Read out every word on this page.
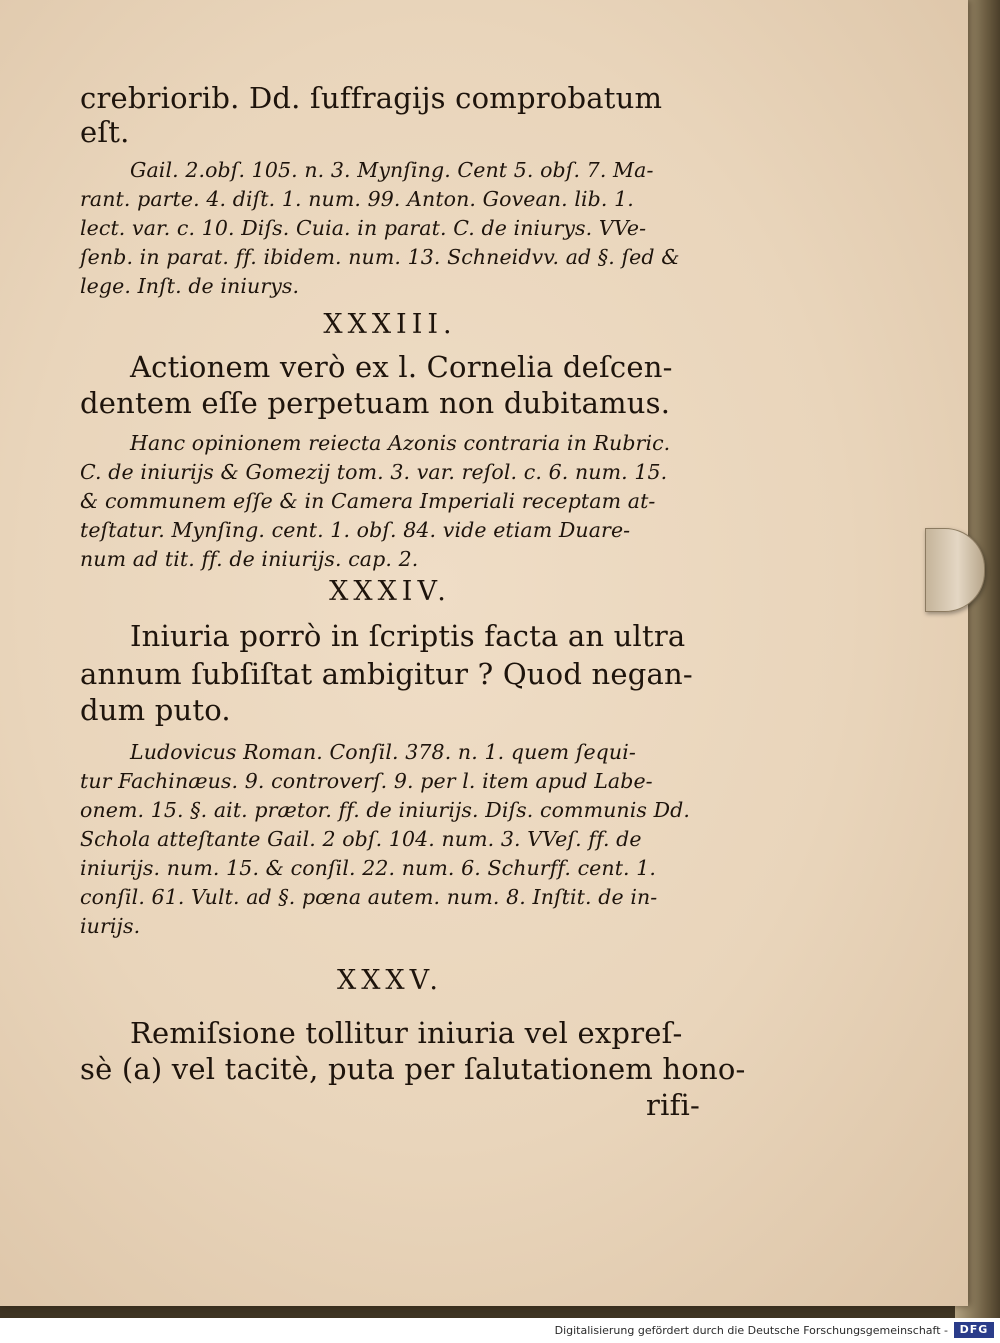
crebriorib. Dd. ſuffragijs comprobatum
eſt.
Gail. 2.obſ. 105. n. 3. Mynſing. Cent 5. obſ. 7. Ma-
rant. parte. 4. diſt. 1. num. 99. Anton. Govean. lib. 1.
lect. var. c. 10. Diſs. Cuia. in parat. C. de iniurys. VVe-
ſenb. in parat. ff. ibidem. num. 13. Schneidvv. ad §. ſed &
lege. Inſt. de iniurys.
XXXIII.
Actionem verò ex l. Cornelia deſcen-
dentem eſſe perpetuam non dubitamus.
Hanc opinionem reiecta Azonis contraria in Rubric.
C. de iniurijs & Gomezij tom. 3. var. reſol. c. 6. num. 15.
& communem eſſe & in Camera Imperiali receptam at-
teſtatur. Mynſing. cent. 1. obſ. 84. vide etiam Duare-
num ad tit. ff. de iniurijs. cap. 2.
XXXIV.
Iniuria porrò in ſcriptis facta an ultra
annum ſubſiſtat ambigitur ? Quod negan-
dum puto.
Ludovicus Roman. Conſil. 378. n. 1. quem ſequi-
tur Fachinæus. 9. controverſ. 9. per l. item apud Labe-
onem. 15. §. ait. prætor. ff. de iniurijs. Diſs. communis Dd.
Schola atteſtante Gail. 2 obſ. 104. num. 3. VVeſ. ff. de
iniurijs. num. 15. & conſil. 22. num. 6. Schurff. cent. 1.
conſil. 61. Vult. ad §. pœna autem. num. 8. Inſtit. de in-
iurijs.
XXXV.
Remiſsione tollitur iniuria vel expreſ-
sè (a) vel tacitè, puta per ſalutationem hono-
rifi-
Digitalisierung gefördert durch die Deutsche Forschungsgemeinschaft -	DFG
